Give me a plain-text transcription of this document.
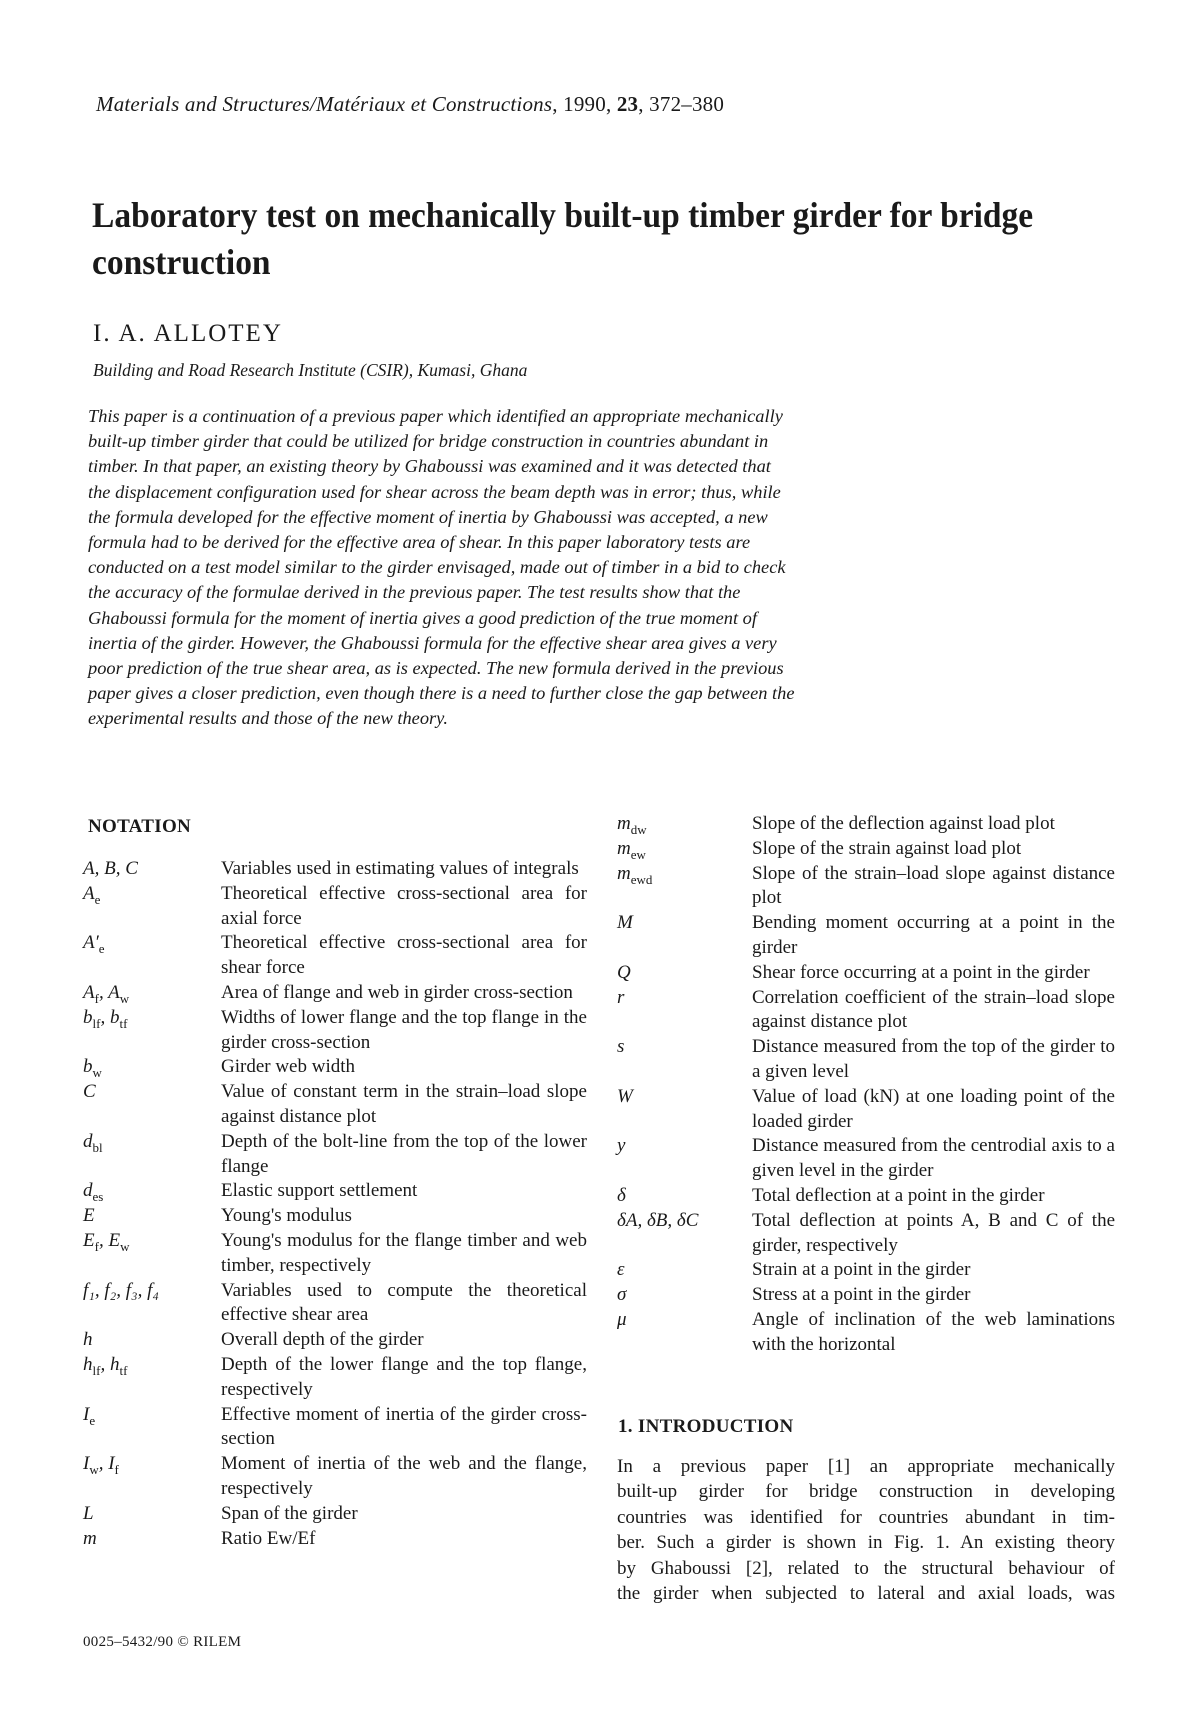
Materials and Structures/Matériaux et Constructions, 1990, 23, 372–380
Laboratory test on mechanically built-up timber girder for bridge
construction
I. A. ALLOTEY
Building and Road Research Institute (CSIR), Kumasi, Ghana
This paper is a continuation of a previous paper which identified an appropriate mechanically
built-up timber girder that could be utilized for bridge construction in countries abundant in
timber. In that paper, an existing theory by Ghaboussi was examined and it was detected that
the displacement configuration used for shear across the beam depth was in error; thus, while
the formula developed for the effective moment of inertia by Ghaboussi was accepted, a new
formula had to be derived for the effective area of shear. In this paper laboratory tests are
conducted on a test model similar to the girder envisaged, made out of timber in a bid to check
the accuracy of the formulae derived in the previous paper. The test results show that the
Ghaboussi formula for the moment of inertia gives a good prediction of the true moment of
inertia of the girder. However, the Ghaboussi formula for the effective shear area gives a very
poor prediction of the true shear area, as is expected. The new formula derived in the previous
paper gives a closer prediction, even though there is a need to further close the gap between the
experimental results and those of the new theory.
NOTATION
A, B, C	Variables used in estimating values of integrals
$A_e$	Theoretical effective cross-sectional area for axial force
$A'_e$	Theoretical effective cross-sectional area for shear force
$A_f$, $A_w$	Area of flange and web in girder cross-section
$b_{lf}$, $b_{tf}$	Widths of lower flange and the top flange in the girder cross-section
$b_w$	Girder web width
C	Value of constant term in the strain–load slope against distance plot
$d_{bl}$	Depth of the bolt-line from the top of the lower flange
$d_{es}$	Elastic support settlement
E	Young's modulus
$E_f$, $E_w$	Young's modulus for the flange timber and web timber, respectively
f₁, f₂, f₃, f₄	Variables used to compute the theoretical effective shear area
h	Overall depth of the girder
$h_{lf}$, $h_{tf}$	Depth of the lower flange and the top flange, respectively
$I_e$	Effective moment of inertia of the girder cross-section
$I_w$, $I_f$	Moment of inertia of the web and the flange, respectively
L	Span of the girder
m	Ratio Ew/Ef
$m_{dw}$	Slope of the deflection against load plot
$m_{ew}$	Slope of the strain against load plot
$m_{ewd}$	Slope of the strain–load slope against distance plot
M	Bending moment occurring at a point in the girder
Q	Shear force occurring at a point in the girder
r	Correlation coefficient of the strain–load slope against distance plot
s	Distance measured from the top of the girder to a given level
W	Value of load (kN) at one loading point of the loaded girder
y	Distance measured from the centrodial axis to a given level in the girder
δ	Total deflection at a point in the girder
δA, δB, δC	Total deflection at points A, B and C of the girder, respectively
ε	Strain at a point in the girder
σ	Stress at a point in the girder
μ	Angle of inclination of the web laminations with the horizontal
1. INTRODUCTION
In a previous paper [1] an appropriate mechanically
built-up girder for bridge construction in developing
countries was identified for countries abundant in tim-
ber. Such a girder is shown in Fig. 1. An existing theory
by Ghaboussi [2], related to the structural behaviour of
the girder when subjected to lateral and axial loads, was
0025–5432/90 © RILEM
